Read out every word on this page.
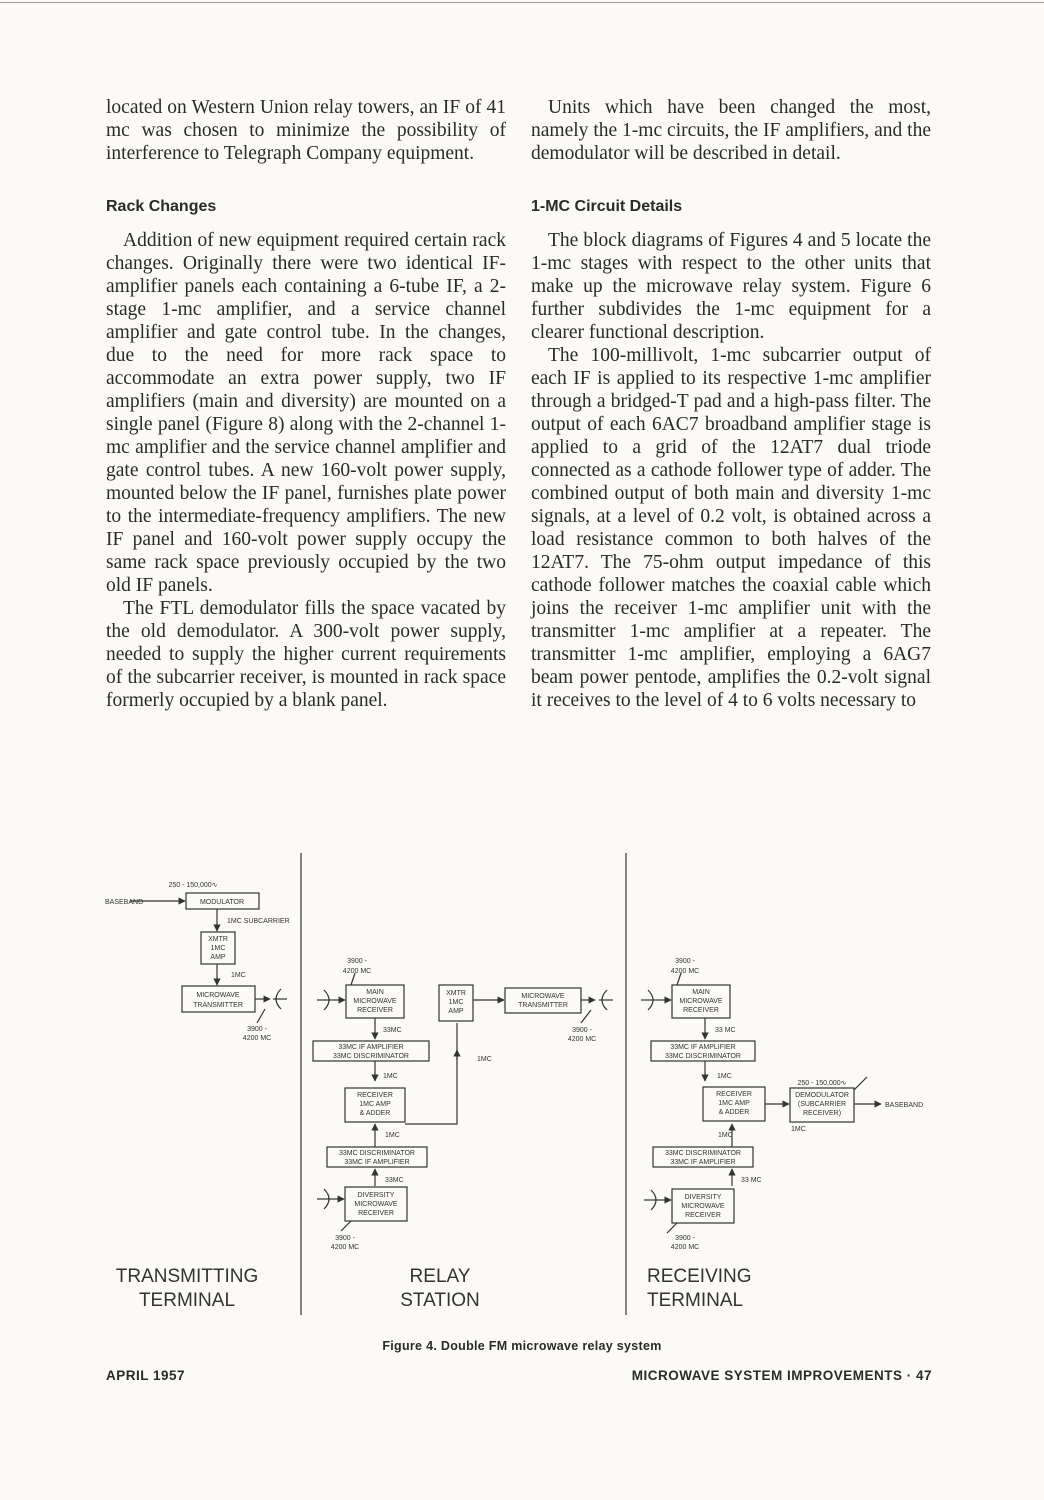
located on Western Union relay towers, an IF of 41 mc was chosen to minimize the possibility of interference to Telegraph Company equipment.

Rack Changes

Addition of new equipment required certain rack changes. Originally there were two identical IF-amplifier panels each containing a 6-tube IF, a 2-stage 1-mc amplifier, and a service channel amplifier and gate control tube. In the changes, due to the need for more rack space to accommodate an extra power supply, two IF amplifiers (main and diversity) are mounted on a single panel (Figure 8) along with the 2-channel 1-mc amplifier and the service channel amplifier and gate control tubes. A new 160-volt power supply, mounted below the IF panel, furnishes plate power to the intermediate-frequency amplifiers. The new IF panel and 160-volt power supply occupy the same rack space previously occupied by the two old IF panels.

The FTL demodulator fills the space vacated by the old demodulator. A 300-volt power supply, needed to supply the higher current requirements of the subcarrier receiver, is mounted in rack space formerly occupied by a blank panel.

Units which have been changed the most, namely the 1-mc circuits, the IF amplifiers, and the demodulator will be described in detail.

1-MC Circuit Details

The block diagrams of Figures 4 and 5 locate the 1-mc stages with respect to the other units that make up the microwave relay system. Figure 6 further subdivides the 1-mc equipment for a clearer functional description.

The 100-millivolt, 1-mc subcarrier output of each IF is applied to its respective 1-mc amplifier through a bridged-T pad and a high-pass filter. The output of each 6AC7 broadband amplifier stage is applied to a grid of the 12AT7 dual triode connected as a cathode follower type of adder. The combined output of both main and diversity 1-mc signals, at a level of 0.2 volt, is obtained across a load resistance common to both halves of the 12AT7. The 75-ohm output impedance of this cathode follower matches the coaxial cable which joins the receiver 1-mc amplifier unit with the transmitter 1-mc amplifier at a repeater. The transmitter 1-mc amplifier, employing a 6AG7 beam power pentode, amplifies the 0.2-volt signal it receives to the level of 4 to 6 volts necessary to

BASEBAND
250 - 150,000∿
MODULATOR
1MC SUBCARRIER
XMTR
1MC
AMP
1MC
MICROWAVE
TRANSMITTER
3900 -
4200 MC
3900 -
4200 MC
MAIN
MICROWAVE
RECEIVER
33MC
33MC IF AMPLIFIER
33MC DISCRIMINATOR
1MC
RECEIVER
1MC AMP
& ADDER
1MC
33MC DISCRIMINATOR
33MC IF AMPLIFIER
33MC
DIVERSITY
MICROWAVE
RECEIVER
3900 -
4200 MC
XMTR
1MC
AMP
1MC
MICROWAVE
TRANSMITTER
3900 -
4200 MC
3900 -
4200 MC
MAIN
MICROWAVE
RECEIVER
33 MC
33MC IF AMPLIFIER
33MC DISCRIMINATOR
1MC
RECEIVER
1MC AMP
& ADDER
250 - 150,000∿
DEMODULATOR
(SUBCARRIER
RECEIVER)
BASEBAND
1MC
1MC
33MC DISCRIMINATOR
33MC IF AMPLIFIER
33 MC
DIVERSITY
MICROWAVE
RECEIVER
3900 -
4200 MC
TRANSMITTING
TERMINAL
RELAY
STATION
RECEIVING
TERMINAL
Figure 4. Double FM microwave relay system
APRIL 1957	MICROWAVE SYSTEM IMPROVEMENTS · 47
